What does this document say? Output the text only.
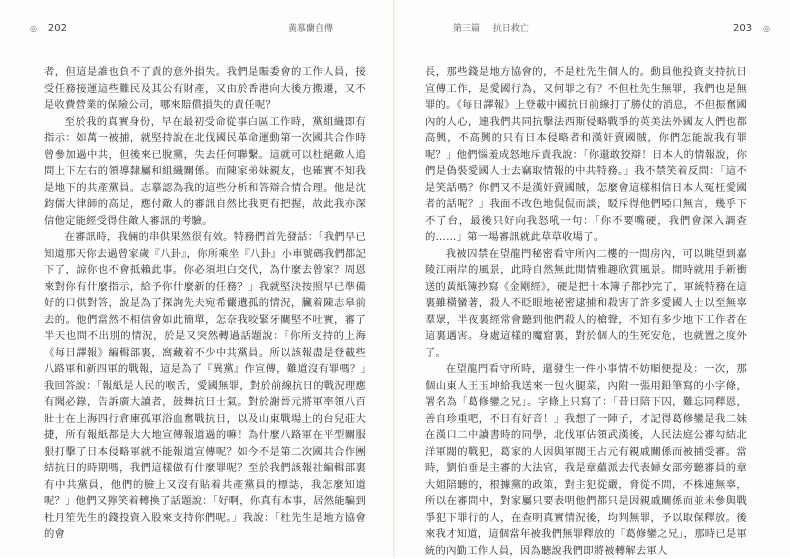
◎ 202	黃慕蘭自傳

者，但這是誰也負不了責的意外損失。我們是賑委會的工作人員，接受任務接運這些難民及其公有財產，又由於香港向大後方搬遷，又不是收費營業的保險公司，哪來賠償損失的責任呢？

至於我的真實身份，早在最初受命從事白區工作時，黨組織即有指示：如萬一被捕，就堅持說在北伐國民革命運動第一次國共合作時曾參加過中共，但後來已脫黨，失去任何聯繫。這就可以杜絕敵人追問上下左右的領導隸屬和組織關係。而陳家弟妹親友，也確實不知我是地下的共產黨員。志摹認為我的這些分析和答辯合情合理。他是沈鈞儒大律師的高足，應付敵人的審訊自然比我更有把握，故此我亦深信他定能經受得住敵人審訊的考驗。

在審訊時，我倆的串供果然很有效。特務們首先發話：「我們早已知道那天你去過曾家歲『八卦』，你所乘坐『八卦』小車號碼我們都記下了，諒你也不會抵賴此事。你必須坦白交代，為什麼去曾家？周恩來對你有什麼指示，給予你什麼新的任務？」我就堅決按照早已準備好的口供對答，說是為了探詢先夫宛希儼遺孤的情況，臟着陳志皋前去的。他們當然不相信會如此簡單，怎奈我咬緊牙關堅不吐實，審了半天也問不出別的情況，於是又突然轉過話題說：「你所支持的上海《每日譯報》編輯部裏，窩藏着不少中共黨員。所以該報盡是登載些八路軍和新四軍的戰報，這是為了『異黨』作宣傳，難道沒有罪嗎？」我回答說：「報紙是人民的喉舌，愛國無罪，對於前線抗日的戰況理應有聞必錄，告訴廣大讀者，鼓舞抗日士氣。對於謝晉元將軍率領八百壯士在上海四行倉庫孤軍浴血奮戰抗日，以及山東戰場上的台兒莊大捷，所有報紙都是大大地宣傳報道過的嘛！為什麼八路軍在平型關服狠打擊了日本侵略軍就不能報道宣傳呢？如今不是第二次國共合作團結抗日的時期嗎，我們這樣做有什麼罪呢？至於我們該報社編輯部裏有中共黨員，他們的臉上又沒有貼着共產黨員的標誌，我怎麼知道呢？」他們又獰笑着轉換了話題說：「好啊，你真有本事，居然能騙到杜月笙先生的錢投資入股來支持你們呢。」我說：「杜先生是地方協會的會

第三篇 抗日救亡	203 ◎

長，那些錢是地方協會的，不是杜先生個人的。動員他投資支持抗日宣傳工作，是愛國行為，又何罪之有？不但杜先生無罪，我們也是無罪的。《每日譯報》上登載中國抗日前線打了勝仗的消息，不但振奮國內的人心，連我們共同抗擊法西斯侵略戰爭的英美法外國友人們也都高興，不高興的只有日本侵略者和漢奸賣國賊，你們怎能說我有罪呢？」他們惱羞成怒地斥責我說：「你還敢狡辯！日本人的情報說，你們是偽裝愛國人士去竊取情報的中共特務。」我不禁笑着反問：「這不是笑話嗎？你們又不是漢奸賣國賊，怎麼會這樣相信日本人冤枉愛國者的話呢？」我面不改色地侃侃而談，駁斥得他們啞口無言，幾乎下不了台，最後只好向我怒吼一句：「你不要嘴硬，我們會深入調查的……」第一場審訊就此草草收場了。

我被囚禁在望龍門秘密看守所內二樓的一間房內，可以眺望到嘉陵江兩岸的風景，此時自然無此閒情雅趣欣賞風景。閒時就用手新衝送的黃紙簿抄寫《金剛經》，硬是把十本簿子都抄完了，軍統特務在這裏雖橫蠻著，殺人不眨眼地祕密逮捕和殺害了許多愛國人士以至無辜羣眾，半夜裏經常會聽到他們殺人的槍聲，不知有多少地下工作者在這裏遇害。身處這樣的魔窟裏，對於個人的生死安危，也就置之度外了。

在望龍門看守所時，還發生一件小事情不妨順便提及：一次，那個山東人王玉坤給我送來一包火腿菜，內附一張用鉛筆寫的小字條，署名為「葛修鑾之兄」。字條上只寫了：「昔日陪下囚，難忘同釋恩，善自珍重吧，不日有好音！」我想了一陣子，才記得葛修鑾是我二妹在漢口二中讀書時的同學，北伐軍佔領武漢後，人民法庭公審勾結北洋軍閥的戰犯，葛家的人因與軍閥王占元有親戚關係而被捕受審。當時，劉伯垂是主審的大法官，我是章蘊派去代表婦女部旁聽審員的章大姐陪聽的，根據黨的政策，對主犯從嚴，脅從不問，不株連無辜，所以在審問中，對家屬只要表明他們都只是因親戚關係而並未參與戰爭犯下罪行的人，在查明真實情況後，均判無罪，予以取保釋放。後來我才知道，這個當年被我們無罪釋放的「葛修鑾之兄」，那時已是軍統的內勤工作人員，因為聽說我們即將被轉解去軍人
